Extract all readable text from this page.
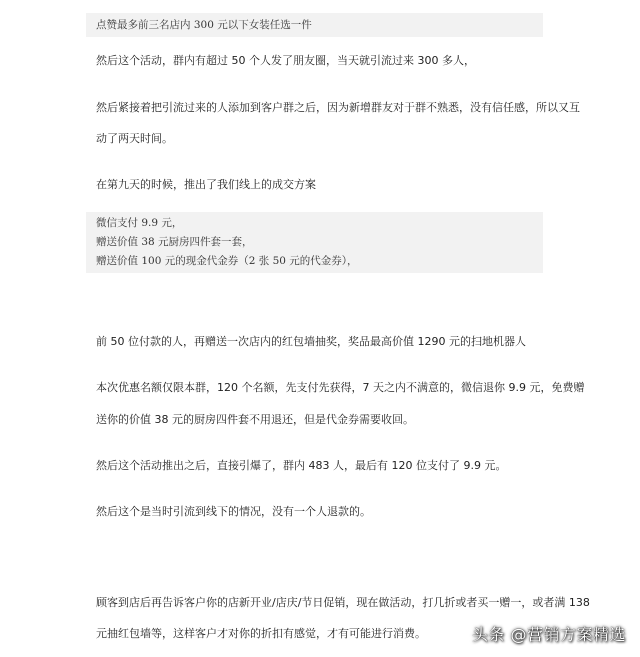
点赞最多前三名店内 300 元以下女装任选一件
然后这个活动，群内有超过 50 个人发了朋友圈，当天就引流过来 300 多人，
然后紧接着把引流过来的人添加到客户群之后，因为新增群友对于群不熟悉，没有信任感，所以又互
动了两天时间。
在第九天的时候，推出了我们线上的成交方案
微信支付 9.9 元，
赠送价值 38 元厨房四件套一套，
赠送价值 100 元的现金代金券（2 张 50 元的代金券），
前 50 位付款的人，再赠送一次店内的红包墙抽奖，奖品最高价值 1290 元的扫地机器人
本次优惠名额仅限本群，120 个名额，先支付先获得，7 天之内不满意的，微信退你 9.9 元，免费赠
送你的价值 38 元的厨房四件套不用退还，但是代金券需要收回。
然后这个活动推出之后，直接引爆了，群内 483 人，最后有 120 位支付了 9.9 元。
然后这个是当时引流到线下的情况，没有一个人退款的。
顾客到店后再告诉客户你的店新开业/店庆/节日促销，现在做活动，打几折或者买一赠一，或者满 138
元抽红包墙等，这样客户才对你的折扣有感觉，才有可能进行消费。	头条 @营销方案精选
